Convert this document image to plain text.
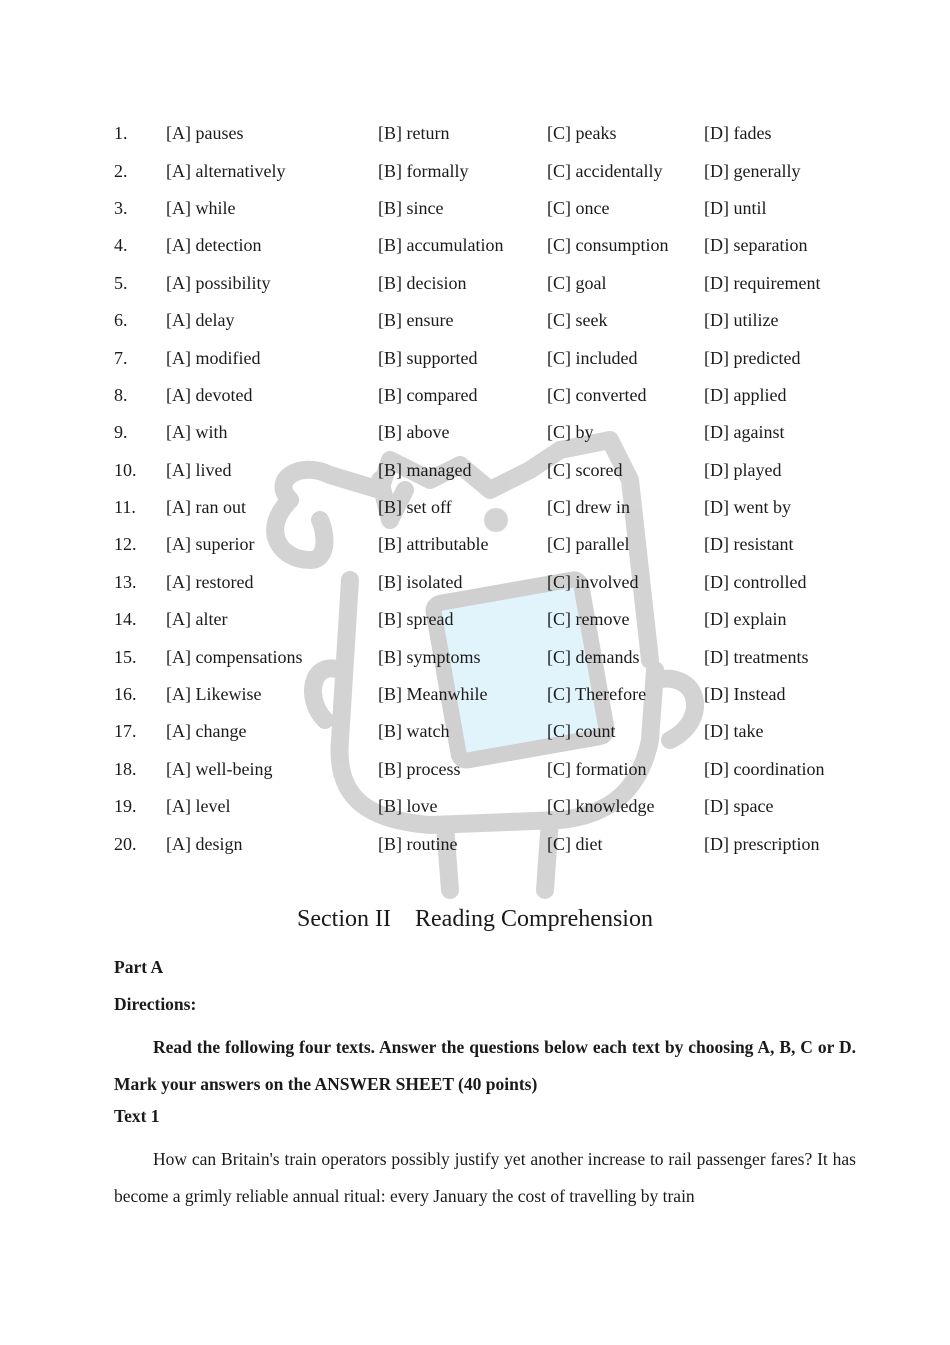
1.	[A] pauses	[B] return	[C] peaks	[D] fades
2.	[A] alternatively	[B] formally	[C] accidentally	[D] generally
3.	[A] while	[B] since	[C] once	[D] until
4.	[A] detection	[B] accumulation	[C] consumption	[D] separation
5.	[A] possibility	[B] decision	[C] goal	[D] requirement
6.	[A] delay	[B] ensure	[C] seek	[D] utilize
7.	[A] modified	[B] supported	[C] included	[D] predicted
8.	[A] devoted	[B] compared	[C] converted	[D] applied
9.	[A] with	[B] above	[C] by	[D] against
10.	[A] lived	[B] managed	[C] scored	[D] played
11.	[A] ran out	[B] set off	[C] drew in	[D] went by
12.	[A] superior	[B] attributable	[C] parallel	[D] resistant
13.	[A] restored	[B] isolated	[C] involved	[D] controlled
14.	[A] alter	[B] spread	[C] remove	[D] explain
15.	[A] compensations	[B] symptoms	[C] demands	[D] treatments
16.	[A] Likewise	[B] Meanwhile	[C] Therefore	[D] Instead
17.	[A] change	[B] watch	[C] count	[D] take
18.	[A] well-being	[B] process	[C] formation	[D] coordination
19.	[A] level	[B] love	[C] knowledge	[D] space
20.	[A] design	[B] routine	[C] diet	[D] prescription
Section II Reading Comprehension
Part A
Directions:
Read the following four texts. Answer the questions below each text by choosing A, B, C or D. Mark your answers on the ANSWER SHEET (40 points)
Text 1
How can Britain's train operators possibly justify yet another increase to rail passenger fares? It has become a grimly reliable annual ritual: every January the cost of travelling by train
